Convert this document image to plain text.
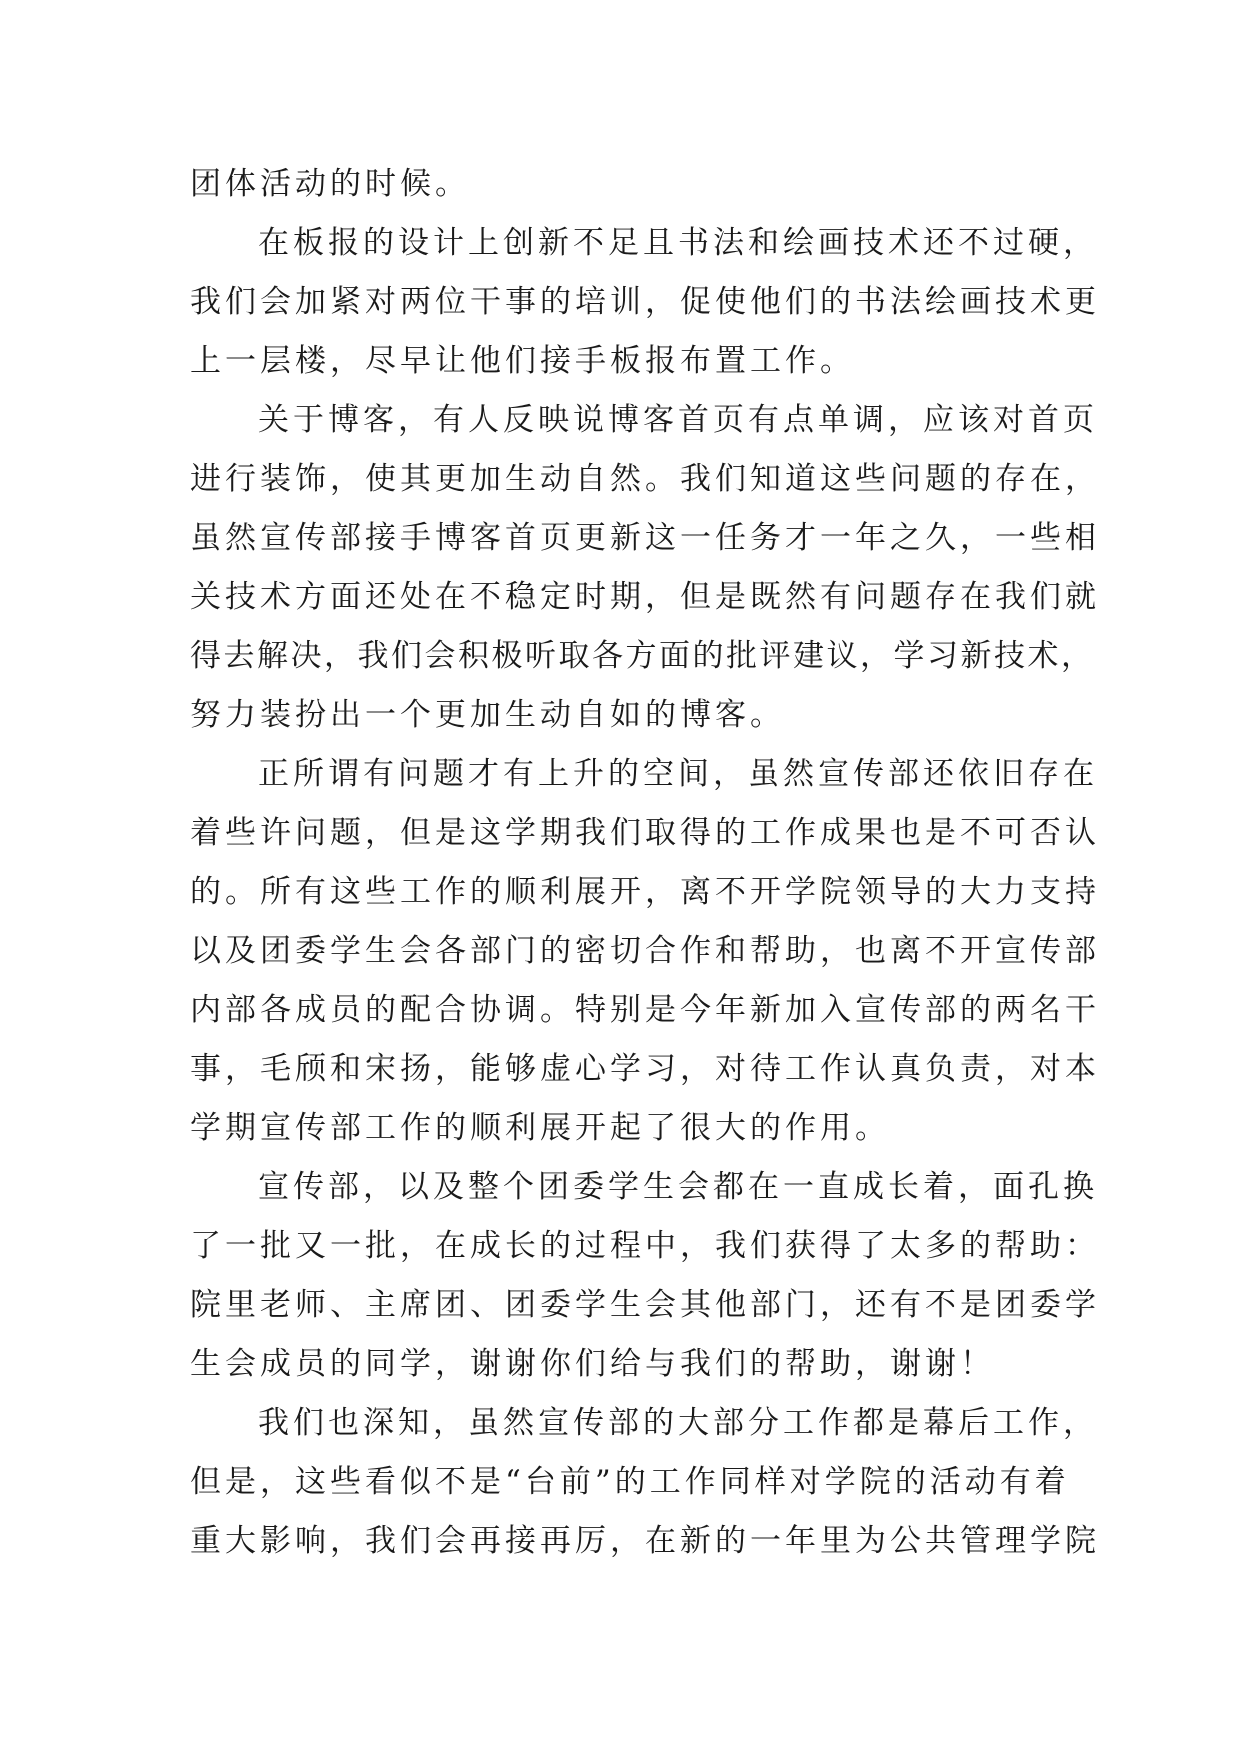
团体活动的时候。
在板报的设计上创新不足且书法和绘画技术还不过硬，
我们会加紧对两位干事的培训，促使他们的书法绘画技术更
上一层楼，尽早让他们接手板报布置工作。
关于博客，有人反映说博客首页有点单调，应该对首页
进行装饰，使其更加生动自然。我们知道这些问题的存在，
虽然宣传部接手博客首页更新这一任务才一年之久，一些相
关技术方面还处在不稳定时期，但是既然有问题存在我们就
得去解决，我们会积极听取各方面的批评建议，学习新技术，
努力装扮出一个更加生动自如的博客。
正所谓有问题才有上升的空间，虽然宣传部还依旧存在
着些许问题，但是这学期我们取得的工作成果也是不可否认
的。所有这些工作的顺利展开，离不开学院领导的大力支持
以及团委学生会各部门的密切合作和帮助，也离不开宣传部
内部各成员的配合协调。特别是今年新加入宣传部的两名干
事，毛颀和宋扬，能够虚心学习，对待工作认真负责，对本
学期宣传部工作的顺利展开起了很大的作用。
宣传部，以及整个团委学生会都在一直成长着，面孔换
了一批又一批，在成长的过程中，我们获得了太多的帮助：
院里老师、主席团、团委学生会其他部门，还有不是团委学
生会成员的同学，谢谢你们给与我们的帮助，谢谢！
我们也深知，虽然宣传部的大部分工作都是幕后工作，
但是，这些看似不是“台前”的工作同样对学院的活动有着
重大影响，我们会再接再厉，在新的一年里为公共管理学院
